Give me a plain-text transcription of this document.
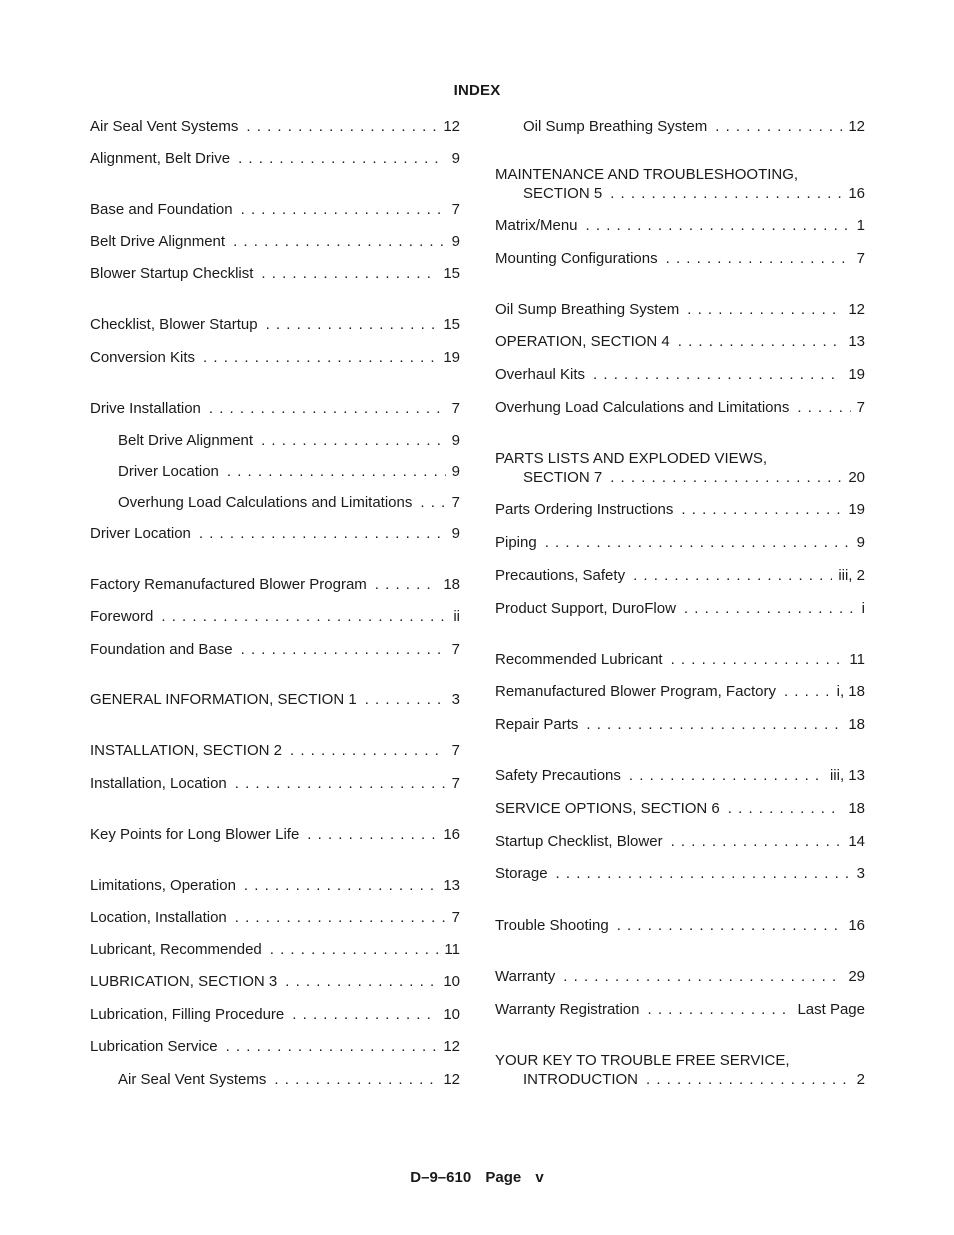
INDEX
Air Seal Vent Systems . . .	12
Alignment, Belt Drive . . .	9
Base and Foundation . . .	7
Belt Drive Alignment . . .	9
Blower Startup Checklist . . .	15
Checklist, Blower Startup . . .	15
Conversion Kits . . .	19
Drive Installation . . .	7
Belt Drive Alignment . . .	9
Driver Location . . .	9
Overhung Load Calculations and Limitations . . .	7
Driver Location . . .	9
Factory Remanufactured Blower Program . . .	18
Foreword . . .	ii
Foundation and Base . . .	7
GENERAL INFORMATION, SECTION 1 . . .	3
INSTALLATION, SECTION 2 . . .	7
Installation, Location . . .	7
Key Points for Long Blower Life . . .	16
Limitations, Operation . . .	13
Location, Installation . . .	7
Lubricant, Recommended . . .	11
LUBRICATION, SECTION 3 . . .	10
Lubrication, Filling Procedure . . .	10
Lubrication Service . . .	12
Air Seal Vent Systems . . .	12
Oil Sump Breathing System . . .	12
MAINTENANCE AND TROUBLESHOOTING,
SECTION 5 . . .	16
Matrix/Menu . . .	1
Mounting Configurations . . .	7
Oil Sump Breathing System . . .	12
OPERATION, SECTION 4 . . .	13
Overhaul Kits . . .	19
Overhung Load Calculations and Limitations . . .	7
PARTS LISTS AND EXPLODED VIEWS,
SECTION 7 . . .	20
Parts Ordering Instructions . . .	19
Piping . . .	9
Precautions, Safety . . .	iii, 2
Product Support, DuroFlow . . .	i
Recommended Lubricant . . .	11
Remanufactured Blower Program, Factory . . .	i, 18
Repair Parts . . .	18
Safety Precautions . . .	iii, 13
SERVICE OPTIONS, SECTION 6 . . .	18
Startup Checklist, Blower . . .	14
Storage . . .	3
Trouble Shooting . . .	16
Warranty . . .	29
Warranty Registration . . .	Last Page
YOUR KEY TO TROUBLE FREE SERVICE,
INTRODUCTION . . .	2
D–9–610 Page v
